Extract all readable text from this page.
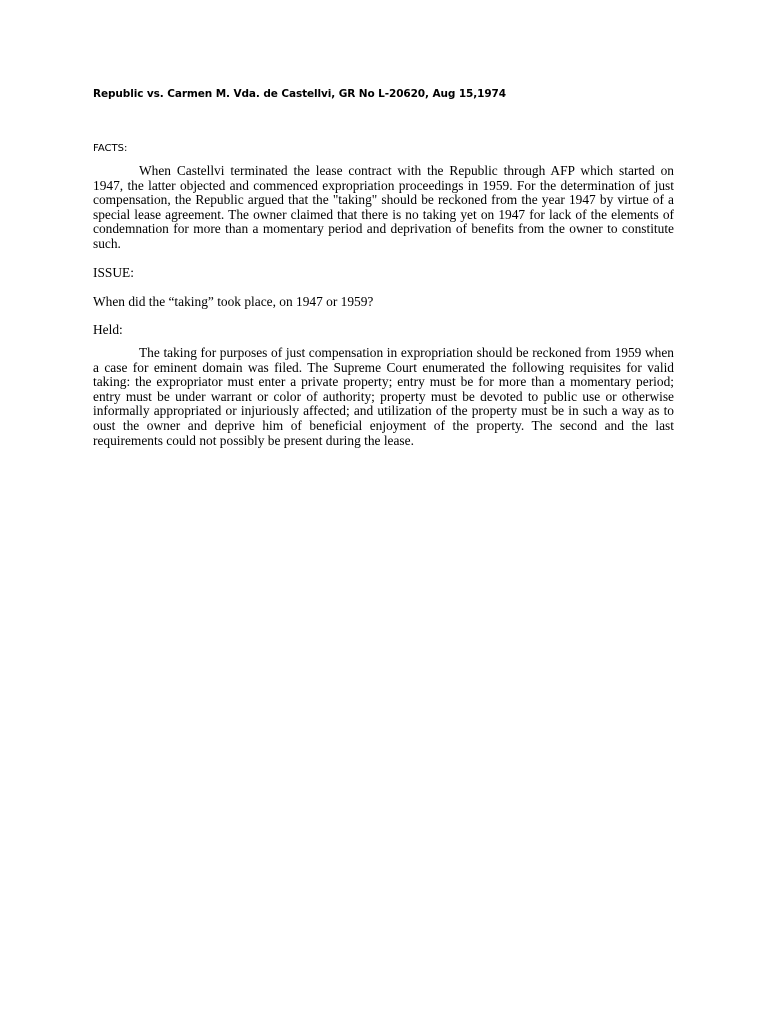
Republic vs. Carmen M. Vda. de Castellvi, GR No L-20620, Aug 15,1974
FACTS:

When Castellvi terminated the lease contract with the Republic through AFP which started on 1947, the latter objected and commenced expropriation proceedings in 1959. For the determination of just compensation, the Republic argued that the "taking" should be reckoned from the year 1947 by virtue of a special lease agreement. The owner claimed that there is no taking yet on 1947 for lack of the elements of condemnation for more than a momentary period and deprivation of benefits from the owner to constitute such.

ISSUE:
When did the “taking” took place, on 1947 or 1959?
Held:

The taking for purposes of just compensation in expropriation should be reckoned from 1959 when a case for eminent domain was filed. The Supreme Court enumerated the following requisites for valid taking: the expropriator must enter a private property; entry must be for more than a momentary period; entry must be under warrant or color of authority; property must be devoted to public use or otherwise informally appropriated or injuriously affected; and utilization of the property must be in such a way as to oust the owner and deprive him of beneficial enjoyment of the property. The second and the last requirements could not possibly be present during the lease.
